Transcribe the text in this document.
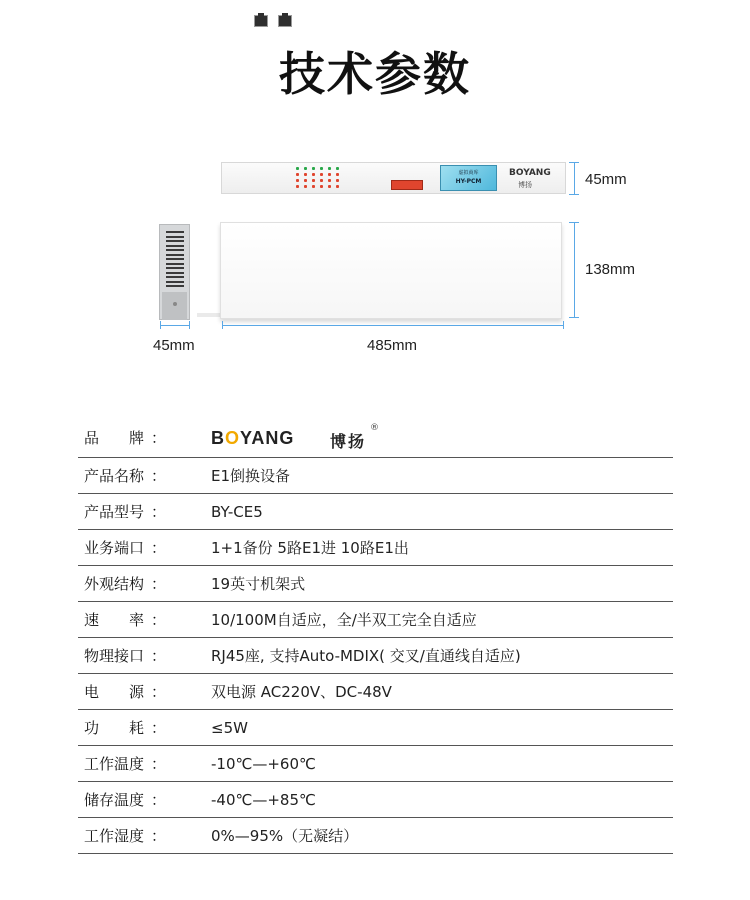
技术参数
虚拟商库
HY-PCM
BOYANG
博扬	45mm
138mm
45mm	485mm
品　　牌 ： BOYANG 博扬
®
产品名称 ：	E1倒换设备
产品型号 ：	BY-CE5
业务端口 ：	1+1备份 5路E1进 10路E1出
外观结构 ：	19英寸机架式
速　　率 ：	10/100M自适应，全/半双工完全自适应
物理接口 ：	RJ45座, 支持Auto-MDIX( 交叉/直通线自适应)
电　　源 ：	双电源 AC220V、DC-48V
功　　耗 ：	≤5W
工作温度 ：	-10℃—+60℃
储存温度 ：	-40℃—+85℃
工作湿度 ：	0%—95%（无凝结）
